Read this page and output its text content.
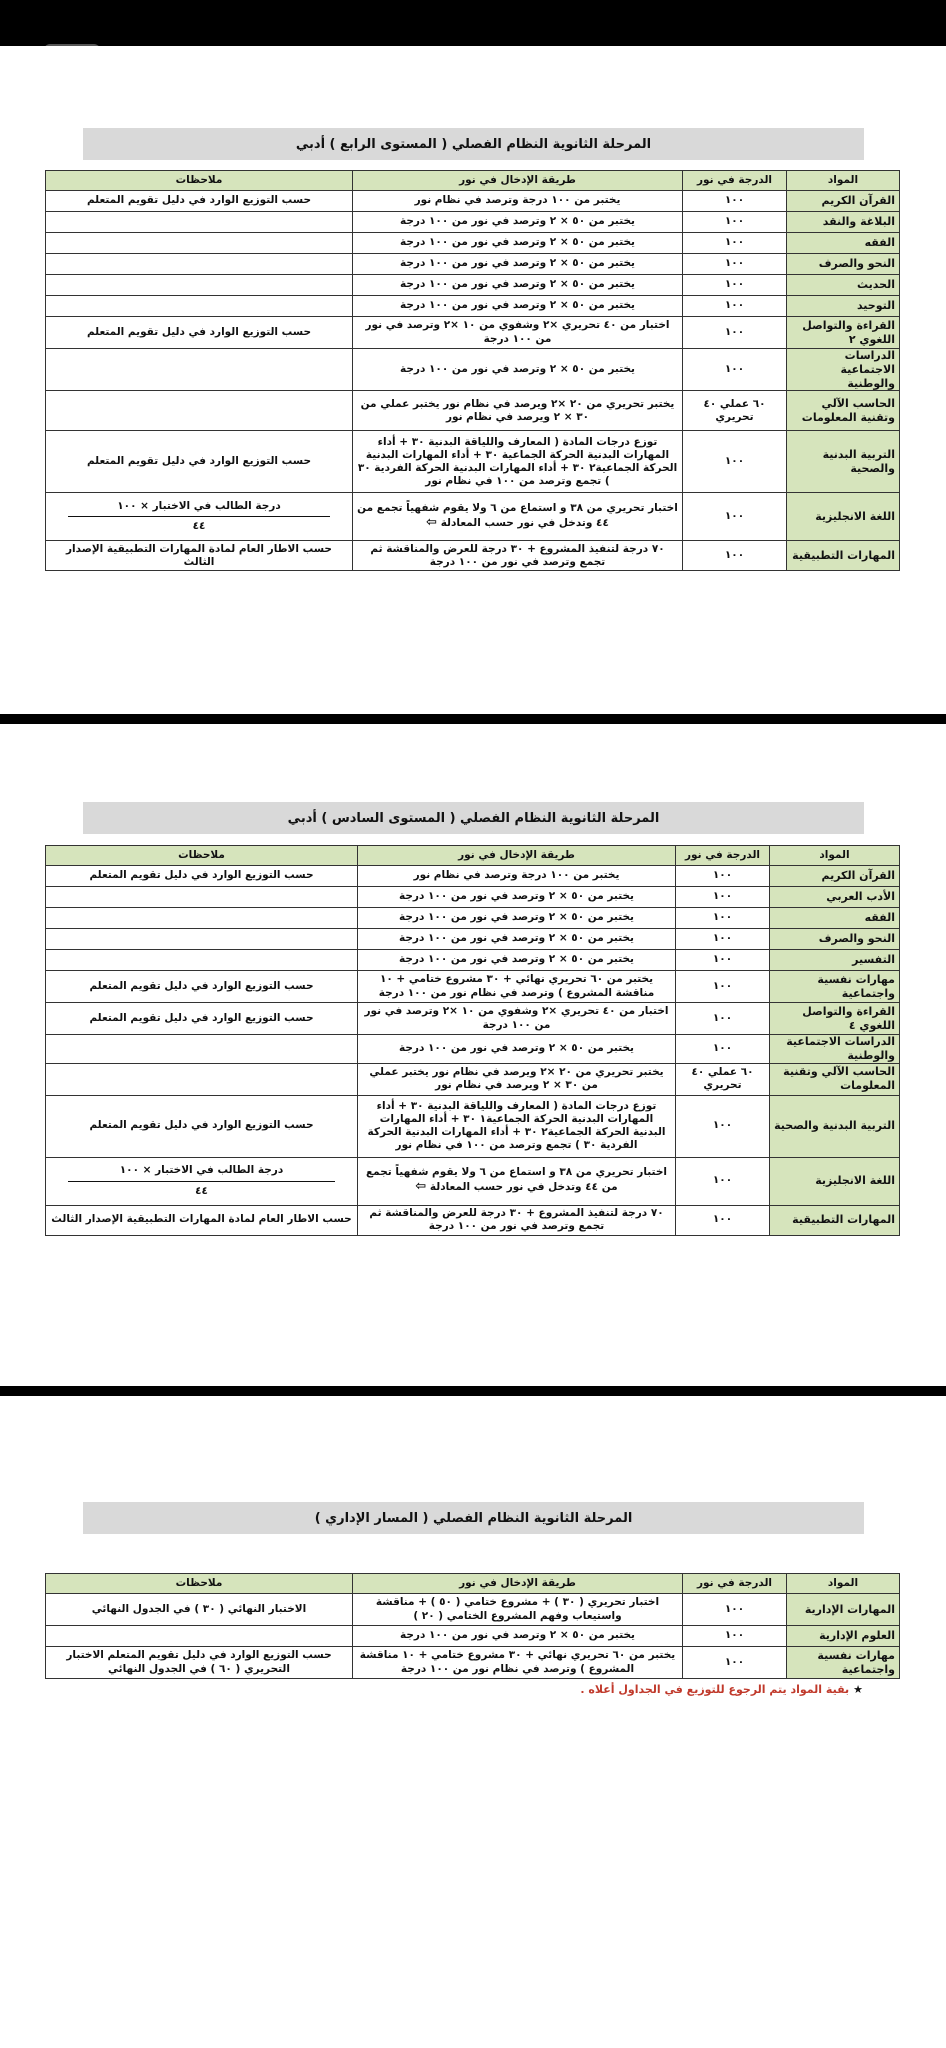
المرحلة الثانوية النظام الفصلي ( المستوى الرابع ) أدبي
المواد	الدرجة في نور	طريقة الإدخال في نور	ملاحظات
القرآن الكريم	١٠٠	يختبر من ١٠٠ درجة وترصد في نظام نور	حسب التوزيع الوارد في دليل تقويم المتعلم
البلاغة والنقد	١٠٠	يختبر من ٥٠ × ٢ وترصد في نور من ١٠٠ درجة	
الفقه	١٠٠	يختبر من ٥٠ × ٢ وترصد في نور من ١٠٠ درجة	
النحو والصرف	١٠٠	يختبر من ٥٠ × ٢ وترصد في نور من ١٠٠ درجة	
الحديث	١٠٠	يختبر من ٥٠ × ٢ وترصد في نور من ١٠٠ درجة	
التوحيد	١٠٠	يختبر من ٥٠ × ٢ وترصد في نور من ١٠٠ درجة	
القراءة والتواصل اللغوي ٢	١٠٠	اختبار من ٤٠ تحريري ×٢ وشفوي من ١٠ ×٢ وترصد في نور من ١٠٠ درجة	حسب التوزيع الوارد في دليل تقويم المتعلم
الدراسات الاجتماعية والوطنية	١٠٠	يختبر من ٥٠ × ٢ وترصد في نور من ١٠٠ درجة	
الحاسب الآلي وتقنية المعلومات	٦٠ عملي ٤٠ تحريري	يختبر تحريري من ٢٠ ×٢ ويرصد في نظام نور يختبر عملي من ٣٠ × ٢ ويرصد في نظام نور	
التربية البدنية والصحية	١٠٠	توزع درجات المادة ( المعارف واللياقة البدنية ٣٠ + أداء المهارات البدنية الحركة الجماعية ٣٠ + أداء المهارات البدنية الحركة الجماعية٢ ٣٠ + أداء المهارات البدنية الحركة الفردية ٣٠ ) تجمع وترصد من ١٠٠ في نظام نور	حسب التوزيع الوارد في دليل تقويم المتعلم
اللغة الانجليزية	١٠٠	اختبار تحريري من ٣٨ و استماع من ٦ ولا يقوم شفهياً تجمع من ٤٤ وتدخل في نور حسب المعادلة ⇦	درجة الطالب في الاختبار × ١٠٠
٤٤

المهارات التطبيقية	١٠٠	٧٠ درجة لتنفيذ المشروع + ٣٠ درجة للعرض والمناقشة ثم تجمع وترصد في نور من ١٠٠ درجة	حسب الاطار العام لمادة المهارات التطبيقية الإصدار الثالث
المرحلة الثانوية النظام الفصلي ( المستوى السادس ) أدبي
المواد	الدرجة في نور	طريقة الإدخال في نور	ملاحظات
القرآن الكريم	١٠٠	يختبر من ١٠٠ درجة وترصد في نظام نور	حسب التوزيع الوارد في دليل تقويم المتعلم
الأدب العربي	١٠٠	يختبر من ٥٠ × ٢ وترصد في نور من ١٠٠ درجة	
الفقه	١٠٠	يختبر من ٥٠ × ٢ وترصد في نور من ١٠٠ درجة	
النحو والصرف	١٠٠	يختبر من ٥٠ × ٢ وترصد في نور من ١٠٠ درجة	
التفسير	١٠٠	يختبر من ٥٠ × ٢ وترصد في نور من ١٠٠ درجة	
مهارات نفسية واجتماعية	١٠٠	يختبر من ٦٠ تحريري نهائي + ٣٠ مشروع ختامي + ١٠ مناقشة المشروع ) وترصد في نظام نور من ١٠٠ درجة	حسب التوزيع الوارد في دليل تقويم المتعلم
القراءة والتواصل اللغوي ٤	١٠٠	اختبار من ٤٠ تحريري ×٢ وشفوي من ١٠ ×٢ وترصد في نور من ١٠٠ درجة	حسب التوزيع الوارد في دليل تقويم المتعلم
الدراسات الاجتماعية والوطنية	١٠٠	يختبر من ٥٠ × ٢ وترصد في نور من ١٠٠ درجة	
الحاسب الآلي وتقنية المعلومات	٦٠ عملي ٤٠ تحريري	يختبر تحريري من ٢٠ ×٢ ويرصد في نظام نور يختبر عملي من ٣٠ × ٢ ويرصد في نظام نور	
التربية البدنية والصحية	١٠٠	توزع درجات المادة ( المعارف واللياقة البدنية ٣٠ + أداء المهارات البدنية الحركة الجماعية١ ٣٠ + أداء المهارات البدنية الحركة الجماعية٢ ٣٠ + أداء المهارات البدنية الحركة الفردية ٣٠ ) تجمع وترصد من ١٠٠ في نظام نور	حسب التوزيع الوارد في دليل تقويم المتعلم
اللغة الانجليزية	١٠٠	اختبار تحريري من ٣٨ و استماع من ٦ ولا يقوم شفهياً تجمع من ٤٤ وتدخل في نور حسب المعادلة ⇦	درجة الطالب في الاختبار × ١٠٠
٤٤

المهارات التطبيقية	١٠٠	٧٠ درجة لتنفيذ المشروع + ٣٠ درجة للعرض والمناقشة ثم تجمع وترصد في نور من ١٠٠ درجة	حسب الاطار العام لمادة المهارات التطبيقية الإصدار الثالث
المرحلة الثانوية النظام الفصلي ( المسار الإداري )
المواد	الدرجة في نور	طريقة الإدخال في نور	ملاحظات
المهارات الإدارية	١٠٠	اختبار تحريري ( ٣٠ ) + مشروع ختامي ( ٥٠ ) + مناقشة واستيعاب وفهم المشروع الختامي ( ٢٠ )	الاختبار النهائي ( ٣٠ ) في الجدول النهائي
العلوم الإدارية	١٠٠	يختبر من ٥٠ × ٢ وترصد في نور من ١٠٠ درجة	
مهارات نفسية واجتماعية	١٠٠	يختبر من ٦٠ تحريري نهائي + ٣٠ مشروع ختامي + ١٠ مناقشة المشروع ) وترصد في نظام نور من ١٠٠ درجة	حسب التوزيع الوارد في دليل تقويم المتعلم الاختبار التحريري ( ٦٠ ) في الجدول النهائي
★بقية المواد يتم الرجوع للتوزيع في الجداول أعلاه .
